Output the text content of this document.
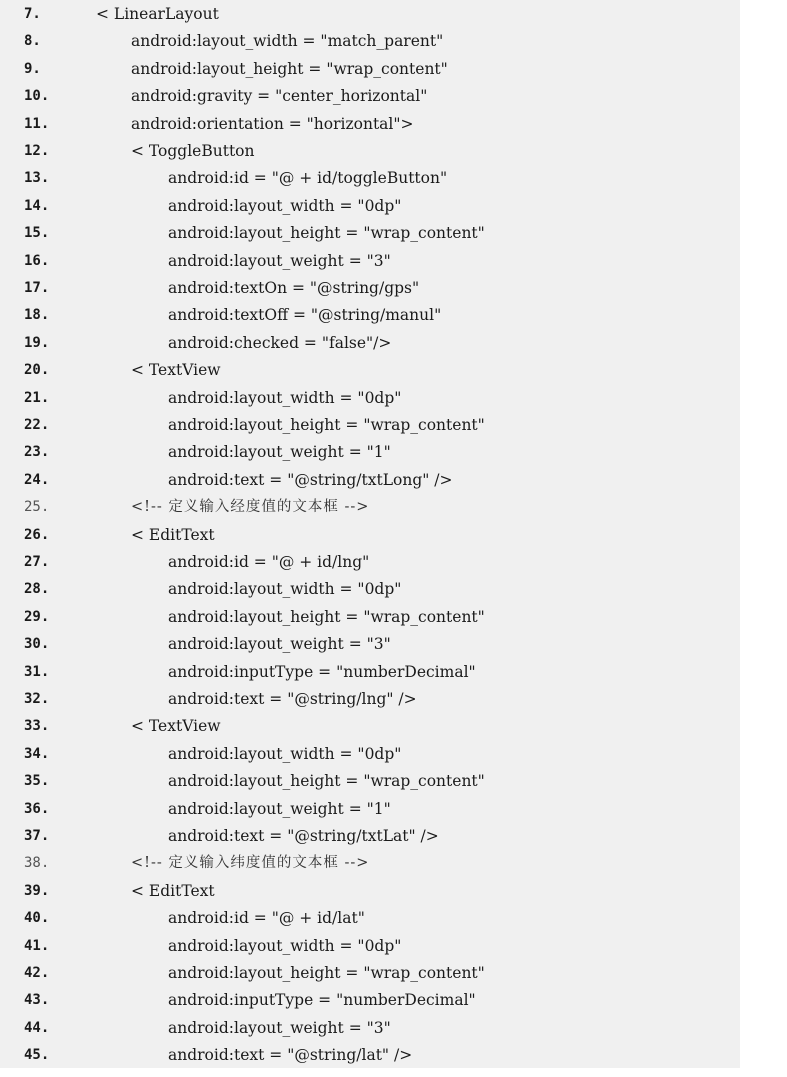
7.	< LinearLayout
8.	android:layout_width = "match_parent"
9.	android:layout_height = "wrap_content"
10.	android:gravity = "center_horizontal"
11.	android:orientation = "horizontal">
12.	< ToggleButton
13.	android:id = "@ + id/toggleButton"
14.	android:layout_width = "0dp"
15.	android:layout_height = "wrap_content"
16.	android:layout_weight = "3"
17.	android:textOn = "@string/gps"
18.	android:textOff = "@string/manul"
19.	android:checked = "false"/>
20.	< TextView
21.	android:layout_width = "0dp"
22.	android:layout_height = "wrap_content"
23.	android:layout_weight = "1"
24.	android:text = "@string/txtLong" />
25.	<!-- 定义输入经度值的文本框 -->
26.	< EditText
27.	android:id = "@ + id/lng"
28.	android:layout_width = "0dp"
29.	android:layout_height = "wrap_content"
30.	android:layout_weight = "3"
31.	android:inputType = "numberDecimal"
32.	android:text = "@string/lng" />
33.	< TextView
34.	android:layout_width = "0dp"
35.	android:layout_height = "wrap_content"
36.	android:layout_weight = "1"
37.	android:text = "@string/txtLat" />
38.	<!-- 定义输入纬度值的文本框 -->
39.	< EditText
40.	android:id = "@ + id/lat"
41.	android:layout_width = "0dp"
42.	android:layout_height = "wrap_content"
43.	android:inputType = "numberDecimal"
44.	android:layout_weight = "3"
45.	android:text = "@string/lat" />
